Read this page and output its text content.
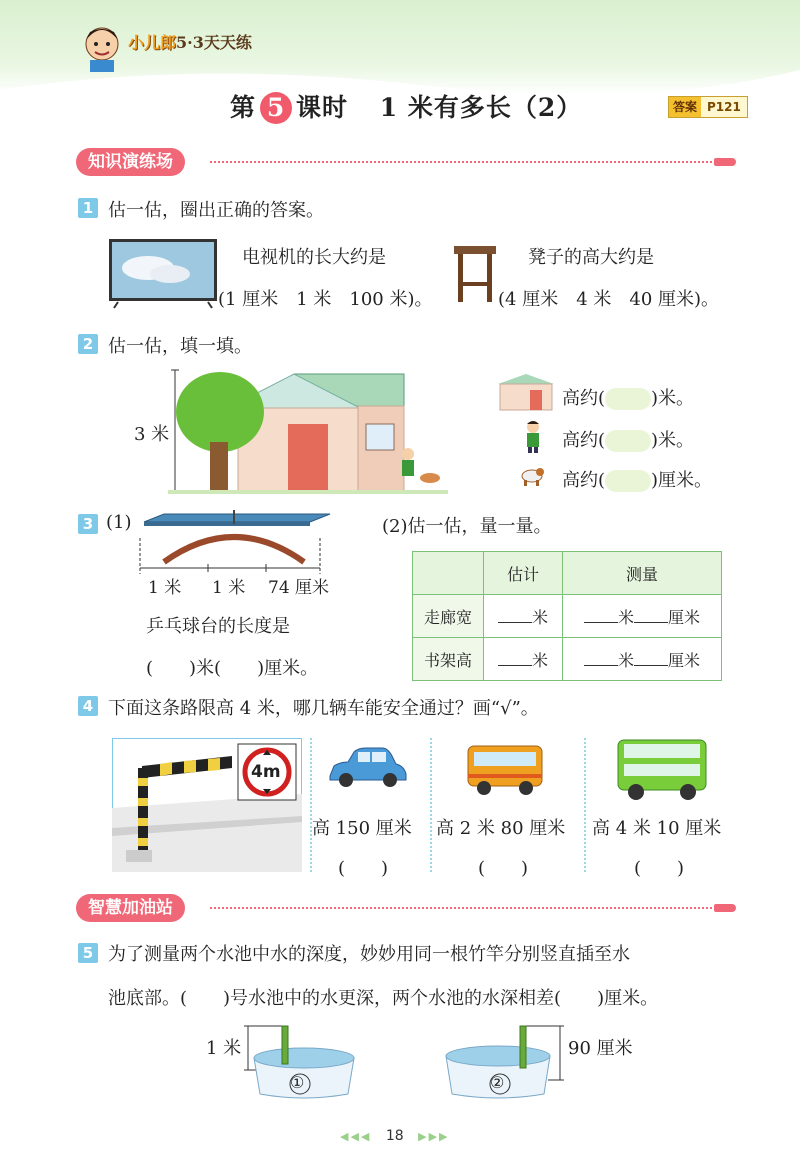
小儿郎5·3天天练
第 5 课时 1 米有多长（2）	答案 P121
知识演练场
1 估一估，圈出正确的答案。
电视机的长大约是
(1 厘米　1 米　100 米)。
凳子的高大约是
(4 厘米　4 米　40 厘米)。
2 估一估，填一填。
3 米
高约(	)米。
高约(	)米。
高约(	)厘米。
3 (1)
1 米 1 米 74 厘米
乒乓球台的长度是
(　　)米(　　)厘米。
(2)估一估，量一量。
	估计	测量
走廊宽	米	米 厘米
书架高	米	米 厘米
4 下面这条路限高 4 米，哪几辆车能安全通过？画“√”。
4m
高 150 厘米 高 2 米 80 厘米 高 4 米 10 厘米
(　　)	(　　)	(　　)
智慧加油站
5 为了测量两个水池中水的深度，妙妙用同一根竹竿分别竖直插至水
池底部。(　　)号水池中的水更深，两个水池的水深相差(　　)厘米。
1 米
①	②
90 厘米
◀◀◀ 18 ▶▶▶
